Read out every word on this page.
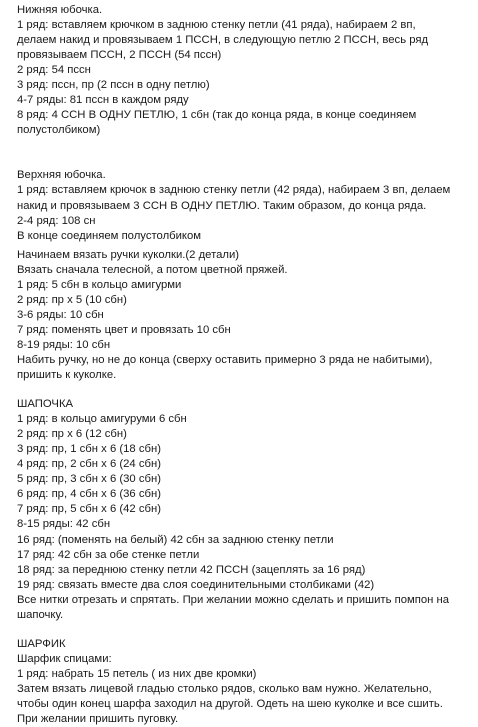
Нижняя юбочка.

1 ряд: вставляем крючком в заднюю стенку петли (41 ряда), набираем 2 вп,

делаем накид и провязываем 1 ПССН, в следующую петлю 2 ПССН, весь ряд

провязываем ПССН, 2 ПССН (54 пссн)

2 ряд: 54 пссн

3 ряд: пссн, пр (2 пссн в одну петлю)

4-7 ряды: 81 пссн в каждом ряду

8 ряд: 4 ССН В ОДНУ ПЕТЛЮ, 1 сбн (так до конца ряда, в конце соединяем

полустолбиком)

Верхняя юбочка.

1 ряд: вставляем крючок в заднюю стенку петли (42 ряда), набираем 3 вп, делаем

накид и провязываем 3 ССН В ОДНУ ПЕТЛЮ. Таким образом, до конца ряда.

2-4 ряд: 108 сн

В конце соединяем полустолбиком

Начинаем вязать ручки куколки.(2 детали)

Вязать сначала телесной, а потом цветной пряжей.

1 ряд: 5 сбн в кольцо амигурми

2 ряд: пр х 5 (10 сбн)

3-6 ряды: 10 сбн

7 ряд: поменять цвет и провязать 10 сбн

8-19 ряды: 10 сбн

Набить ручку, но не до конца (сверху оставить примерно 3 ряда не набитыми),

пришить к куколке.

ШАПОЧКА

1 ряд: в кольцо амигуруми 6 сбн

2 ряд: пр х 6 (12 сбн)

3 ряд: пр, 1 сбн х 6 (18 сбн)

4 ряд: пр, 2 сбн х 6 (24 сбн)

5 ряд: пр, 3 сбн х 6 (30 сбн)

6 ряд: пр, 4 сбн х 6 (36 сбн)

7 ряд: пр, 5 сбн х 6 (42 сбн)

8-15 ряды: 42 сбн

16 ряд: (поменять на белый) 42 сбн за заднюю стенку петли

17 ряд: 42 сбн за обе стенке петли

18 ряд: за переднюю стенку петли 42 ПССН (зацеплять за 16 ряд)

19 ряд: связать вместе два слоя соединительными столбиками (42)

Все нитки отрезать и спрятать. При желании можно сделать и пришить помпон на

шапочку.

ШАРФИК

Шарфик спицами:

1 ряд: набрать 15 петель ( из них две кромки)

Затем вязать лицевой гладью столько рядов, сколько вам нужно. Желательно,

чтобы один конец шарфа заходил на другой. Одеть на шею куколке и все сшить.

При желании пришить пуговку.
